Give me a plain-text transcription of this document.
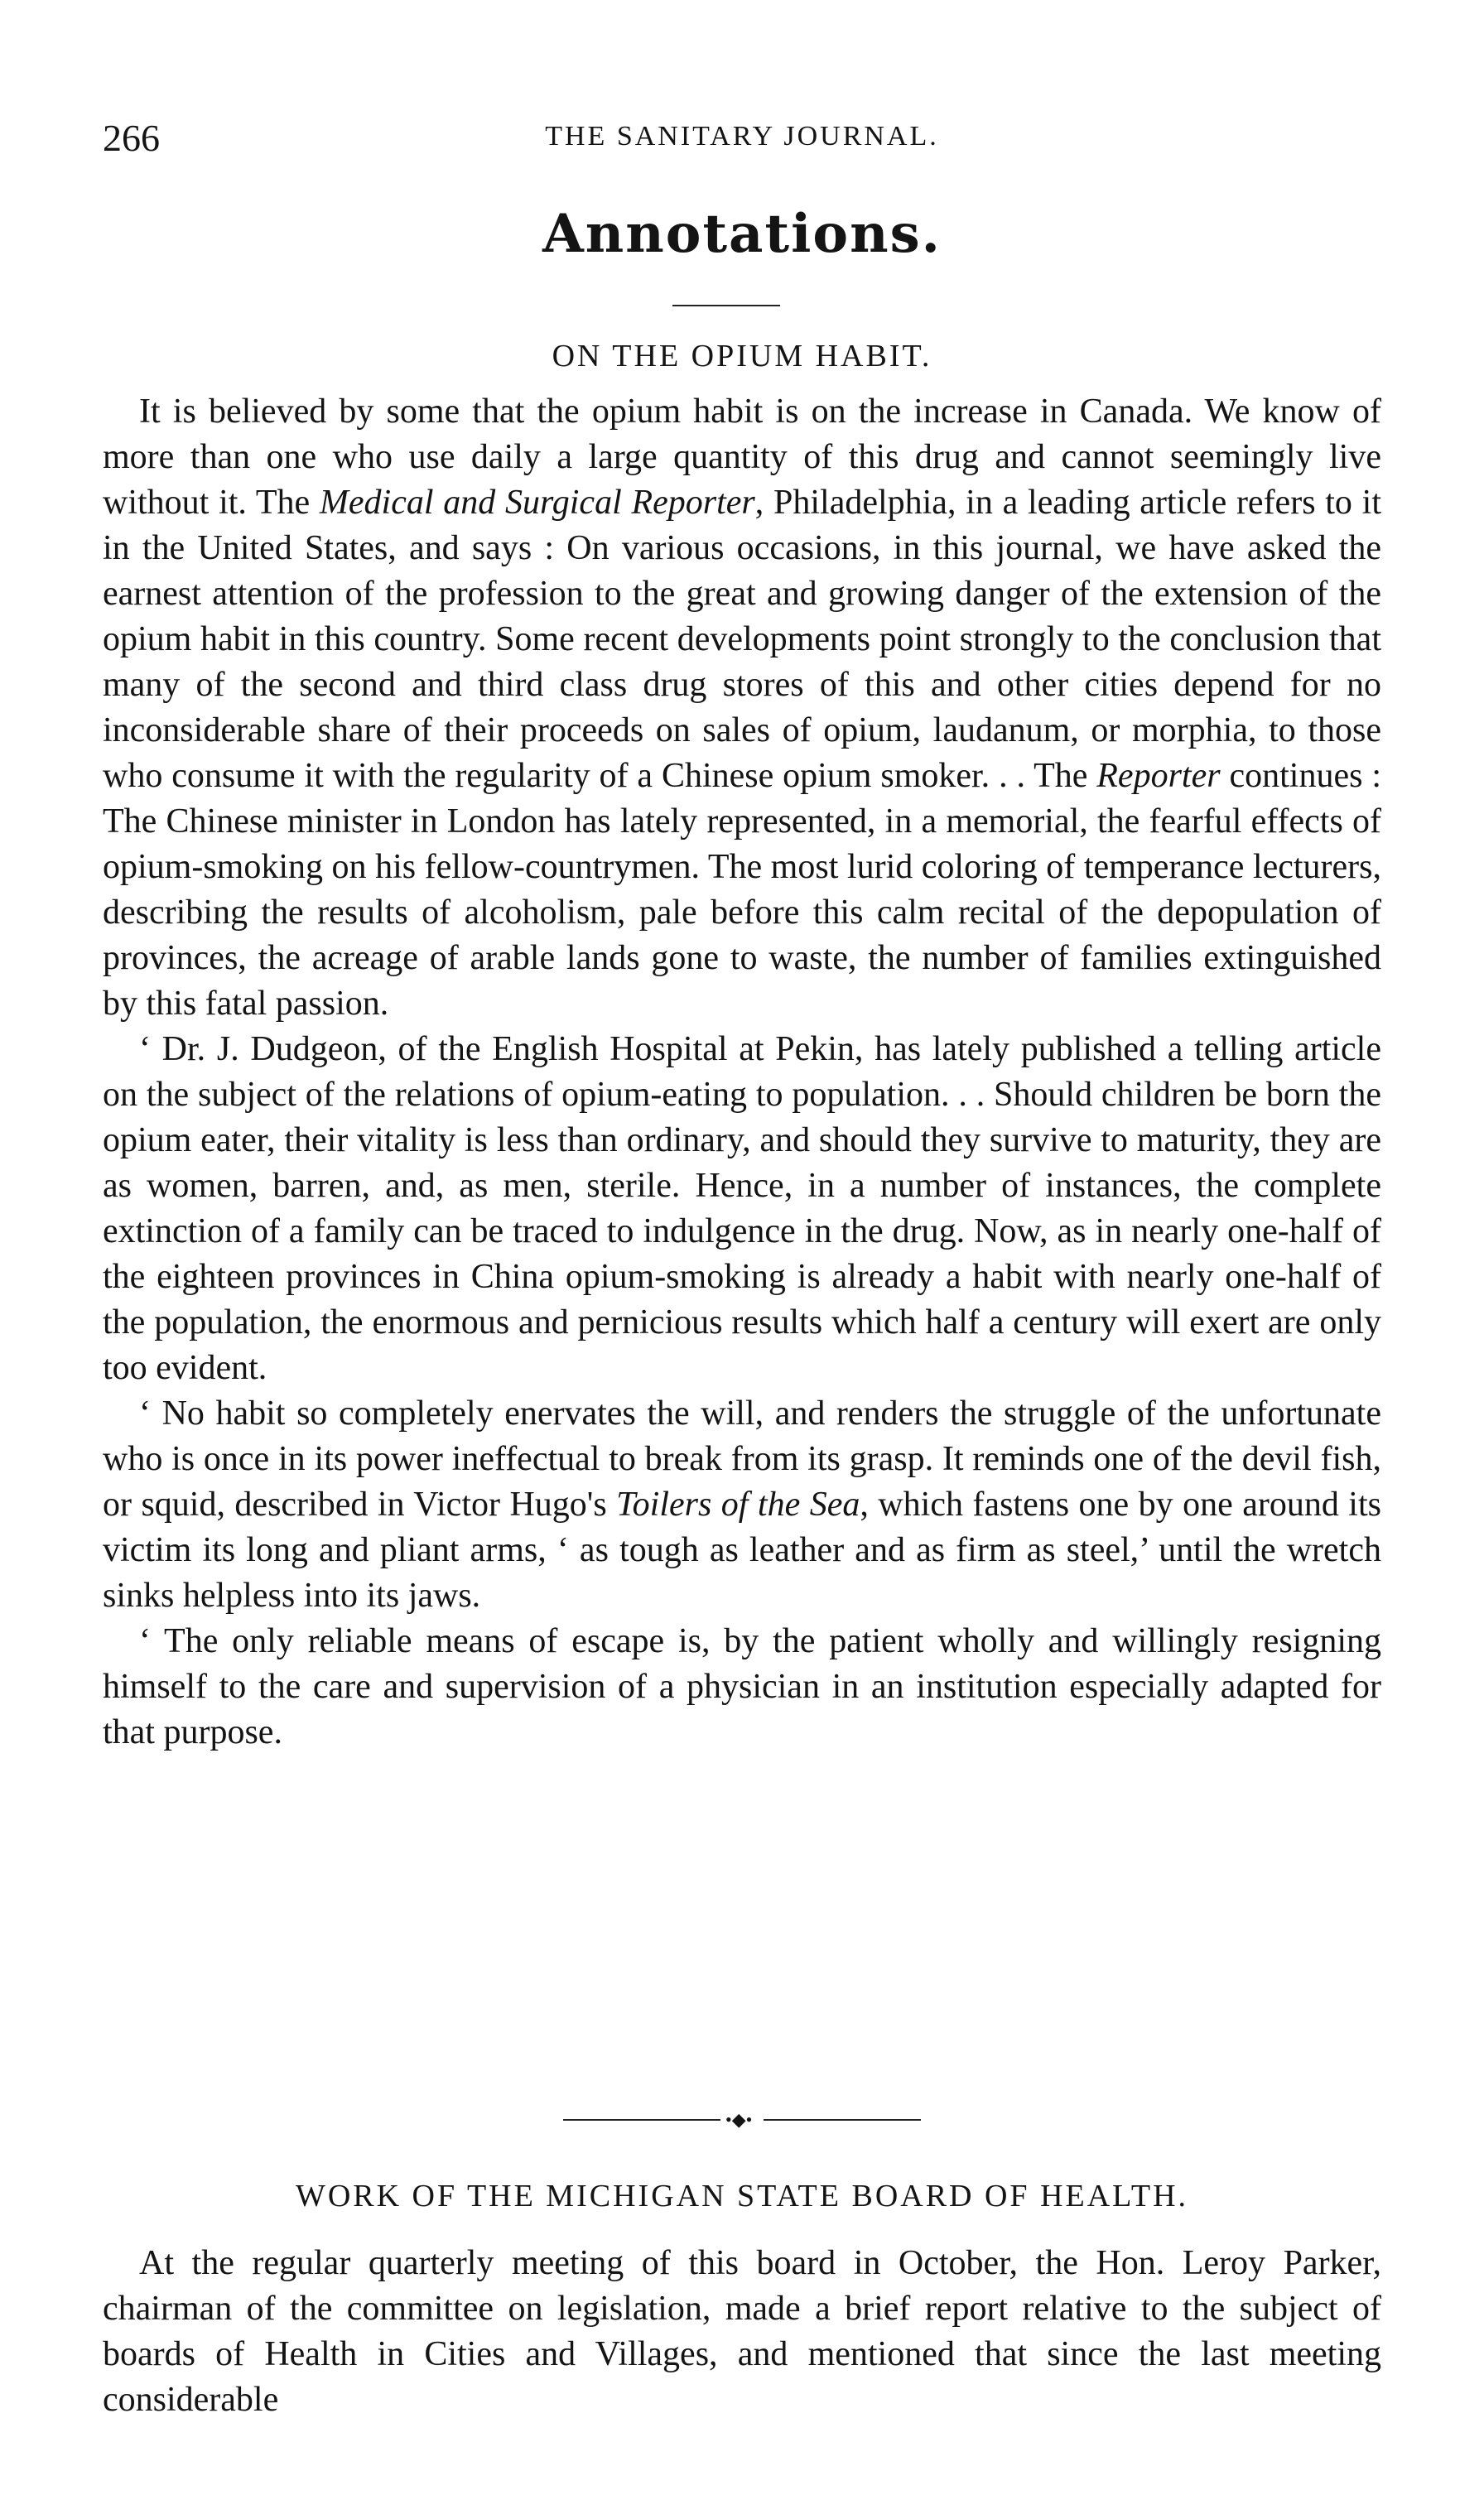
266	THE SANITARY JOURNAL.
Annotations.
ON THE OPIUM HABIT.

It is believed by some that the opium habit is on the increase in Canada. We know of more than one who use daily a large quantity of this drug and cannot seemingly live without it. The Medical and Surgical Reporter, Philadelphia, in a leading article refers to it in the United States, and says : On various occasions, in this journal, we have asked the earnest attention of the profession to the great and growing danger of the extension of the opium habit in this country. Some recent developments point strongly to the conclusion that many of the second and third class drug stores of this and other cities depend for no inconsiderable share of their proceeds on sales of opium, laudanum, or morphia, to those who consume it with the regularity of a Chinese opium smoker. . . The Reporter continues : The Chinese minister in London has lately represented, in a memorial, the fearful effects of opium-smoking on his fellow-countrymen. The most lurid coloring of temperance lecturers, describing the results of alcoholism, pale before this calm recital of the depopulation of provinces, the acreage of arable lands gone to waste, the number of families extinguished by this fatal passion.

‘ Dr. J. Dudgeon, of the English Hospital at Pekin, has lately published a telling article on the subject of the relations of opium-eating to population. . . Should children be born the opium eater, their vitality is less than ordinary, and should they survive to maturity, they are as women, barren, and, as men, sterile. Hence, in a number of instances, the complete extinction of a family can be traced to indulgence in the drug. Now, as in nearly one-half of the eighteen provinces in China opium-smoking is already a habit with nearly one-half of the population, the enormous and pernicious results which half a century will exert are only too evident.

‘ No habit so completely enervates the will, and renders the struggle of the unfortunate who is once in its power ineffectual to break from its grasp. It reminds one of the devil fish, or squid, described in Victor Hugo's Toilers of the Sea, which fastens one by one around its victim its long and pliant arms, ‘ as tough as leather and as firm as steel,’ until the wretch sinks helpless into its jaws.

‘ The only reliable means of escape is, by the patient wholly and willingly resigning himself to the care and supervision of a physician in an institution especially adapted for that purpose.

•◆•
WORK OF THE MICHIGAN STATE BOARD OF HEALTH.

At the regular quarterly meeting of this board in October, the Hon. Leroy Parker, chairman of the committee on legislation, made a brief report relative to the subject of boards of Health in Cities and Villages, and mentioned that since the last meeting considerable
